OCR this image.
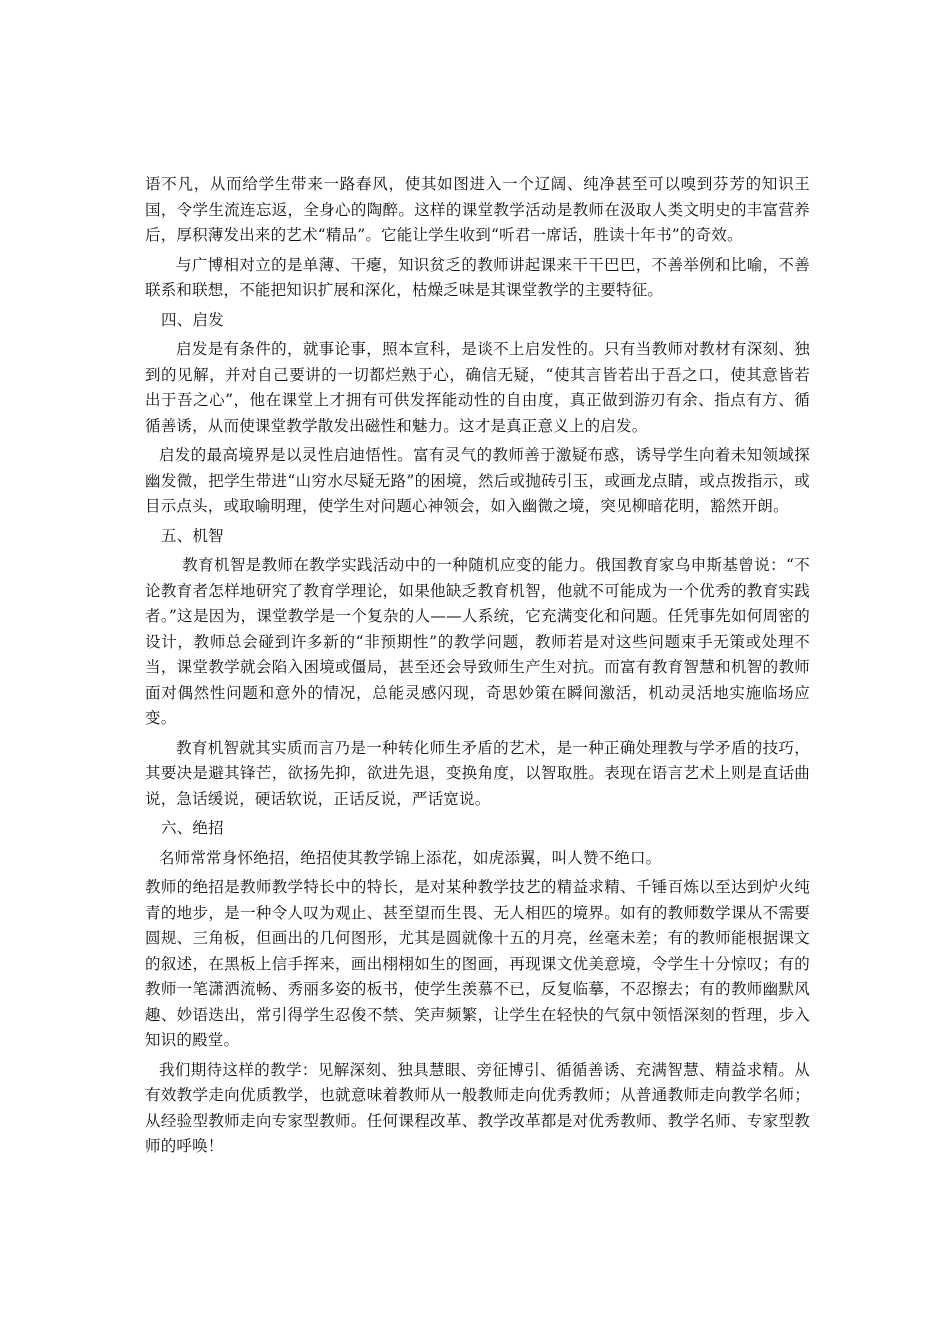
语不凡，从而给学生带来一路春风，使其如图进入一个辽阔、纯净甚至可以嗅到芬芳的知识王国，令学生流连忘返，全身心的陶醉。这样的课堂教学活动是教师在汲取人类文明史的丰富营养后，厚积薄发出来的艺术“精品”。它能让学生收到“听君一席话，胜读十年书”的奇效。

与广博相对立的是单薄、干瘪，知识贫乏的教师讲起课来干干巴巴，不善举例和比喻，不善联系和联想，不能把知识扩展和深化，枯燥乏味是其课堂教学的主要特征。

四、启发

启发是有条件的，就事论事，照本宣科，是谈不上启发性的。只有当教师对教材有深刻、独到的见解，并对自己要讲的一切都烂熟于心，确信无疑，“使其言皆若出于吾之口，使其意皆若出于吾之心”，他在课堂上才拥有可供发挥能动性的自由度，真正做到游刃有余、指点有方、循循善诱，从而使课堂教学散发出磁性和魅力。这才是真正意义上的启发。

启发的最高境界是以灵性启迪悟性。富有灵气的教师善于激疑布惑，诱导学生向着未知领域探幽发微，把学生带进“山穷水尽疑无路”的困境，然后或抛砖引玉，或画龙点睛，或点拨指示，或目示点头，或取喻明理，使学生对问题心神领会，如入幽微之境，突见柳暗花明，豁然开朗。

五、机智

教育机智是教师在教学实践活动中的一种随机应变的能力。俄国教育家乌申斯基曾说：“不论教育者怎样地研究了教育学理论，如果他缺乏教育机智，他就不可能成为一个优秀的教育实践者。”这是因为，课堂教学是一个复杂的人——人系统，它充满变化和问题。任凭事先如何周密的设计，教师总会碰到许多新的“非预期性”的教学问题，教师若是对这些问题束手无策或处理不当，课堂教学就会陷入困境或僵局，甚至还会导致师生产生对抗。而富有教育智慧和机智的教师面对偶然性问题和意外的情况，总能灵感闪现，奇思妙策在瞬间激活，机动灵活地实施临场应变。

教育机智就其实质而言乃是一种转化师生矛盾的艺术，是一种正确处理教与学矛盾的技巧，其要决是避其锋芒，欲扬先抑，欲进先退，变换角度，以智取胜。表现在语言艺术上则是直话曲说，急话缓说，硬话软说，正话反说，严话宽说。

六、绝招

名师常常身怀绝招，绝招使其教学锦上添花，如虎添翼，叫人赞不绝口。

教师的绝招是教师教学特长中的特长，是对某种教学技艺的精益求精、千锤百炼以至达到炉火纯青的地步，是一种令人叹为观止、甚至望而生畏、无人相匹的境界。如有的教师数学课从不需要圆规、三角板，但画出的几何图形，尤其是圆就像十五的月亮，丝毫未差；有的教师能根据课文的叙述，在黑板上信手挥来，画出栩栩如生的图画，再现课文优美意境，令学生十分惊叹；有的教师一笔潇洒流畅、秀丽多姿的板书，使学生羡慕不已，反复临摹，不忍擦去；有的教师幽默风趣、妙语迭出，常引得学生忍俊不禁、笑声频繁，让学生在轻快的气氛中领悟深刻的哲理，步入知识的殿堂。

我们期待这样的教学：见解深刻、独具慧眼、旁征博引、循循善诱、充满智慧、精益求精。从有效教学走向优质教学，也就意味着教师从一般教师走向优秀教师；从普通教师走向教学名师；从经验型教师走向专家型教师。任何课程改革、教学改革都是对优秀教师、教学名师、专家型教师的呼唤！
